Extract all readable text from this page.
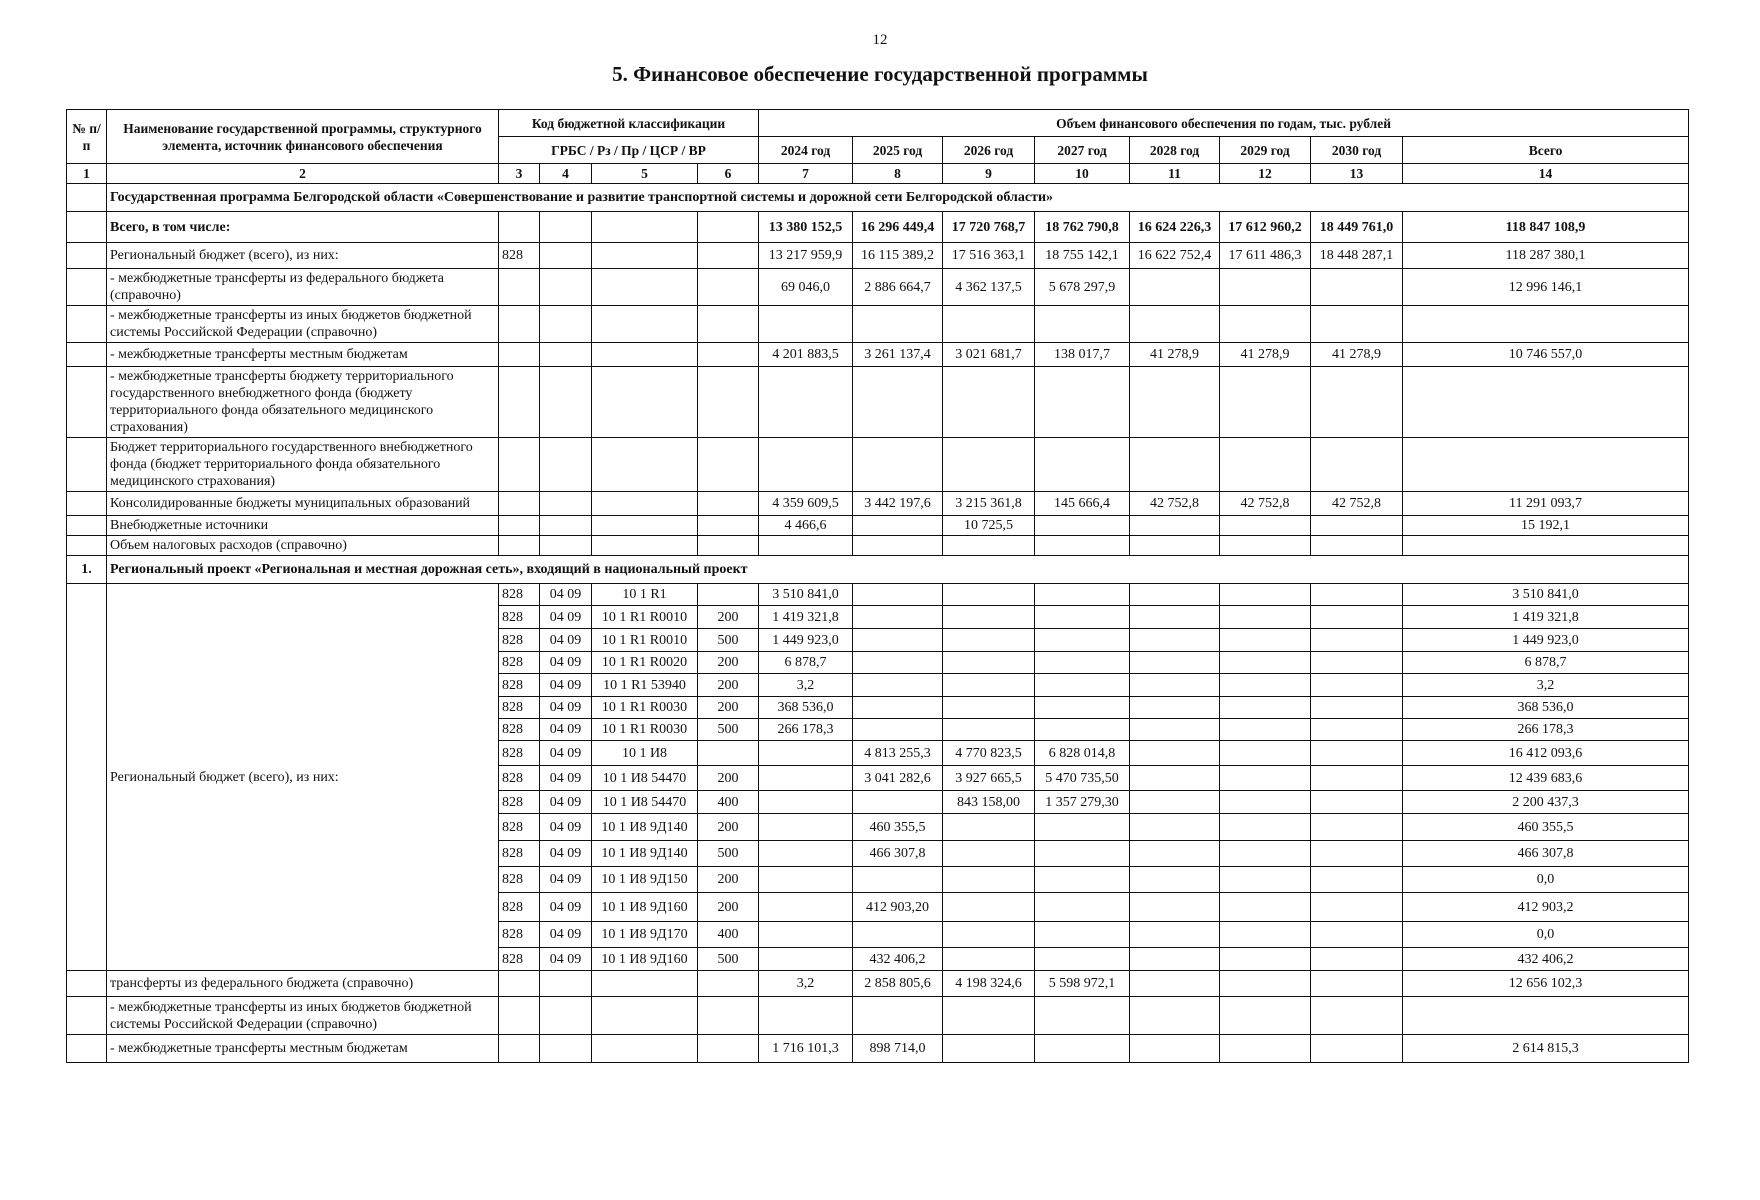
12
5. Финансовое обеспечение государственной программы
№ п/п	Наименование государственной программы, структурного элемента, источник финансового обеспечения	Код бюджетной классификации				Объем финансового обеспечения по годам, тыс. рублей							
		ГРБС / Рз / Пр / ЦСР / ВР				2024 год	2025 год	2026 год	2027 год	2028 год	2029 год	2030 год	Всего
1	2	3	4	5	6	7	8	9	10	11	12	13	14
	Государственная программа Белгородской области «Совершенствование и развитие транспортной системы и дорожной сети Белгородской области»												
	Всего, в том числе:					13 380 152,5	16 296 449,4	17 720 768,7	18 762 790,8	16 624 226,3	17 612 960,2	18 449 761,0	118 847 108,9
	Региональный бюджет (всего), из них:	828				13 217 959,9	16 115 389,2	17 516 363,1	18 755 142,1	16 622 752,4	17 611 486,3	18 448 287,1	118 287 380,1
	- межбюджетные трансферты из федерального бюджета (справочно)					69 046,0	2 886 664,7	4 362 137,5	5 678 297,9				12 996 146,1
	- межбюджетные трансферты из иных бюджетов бюджетной системы Российской Федерации (справочно)												
	- межбюджетные трансферты местным бюджетам					4 201 883,5	3 261 137,4	3 021 681,7	138 017,7	41 278,9	41 278,9	41 278,9	10 746 557,0
	- межбюджетные трансферты бюджету территориального государственного внебюджетного фонда (бюджету территориального фонда обязательного медицинского страхования)												
	Бюджет территориального государственного внебюджетного фонда (бюджет территориального фонда обязательного медицинского страхования)												
	Консолидированные бюджеты муниципальных образований					4 359 609,5	3 442 197,6	3 215 361,8	145 666,4	42 752,8	42 752,8	42 752,8	11 291 093,7
	Внебюджетные источники					4 466,6		10 725,5					15 192,1
	Объем налоговых расходов (справочно)												
1.	Региональный проект «Региональная и местная дорожная сеть», входящий в национальный проект												
	Региональный бюджет (всего), из них:	828	04 09	10 1 R1		3 510 841,0							3 510 841,0
		828	04 09	10 1 R1 R0010	200	1 419 321,8							1 419 321,8
		828	04 09	10 1 R1 R0010	500	1 449 923,0							1 449 923,0
		828	04 09	10 1 R1 R0020	200	6 878,7							6 878,7
		828	04 09	10 1 R1 53940	200	3,2							3,2
		828	04 09	10 1 R1 R0030	200	368 536,0							368 536,0
		828	04 09	10 1 R1 R0030	500	266 178,3							266 178,3
		828	04 09	10 1 И8			4 813 255,3	4 770 823,5	6 828 014,8				16 412 093,6
		828	04 09	10 1 И8 54470	200		3 041 282,6	3 927 665,5	5 470 735,50				12 439 683,6
		828	04 09	10 1 И8 54470	400			843 158,00	1 357 279,30				2 200 437,3
		828	04 09	10 1 И8 9Д140	200		460 355,5						460 355,5
		828	04 09	10 1 И8 9Д140	500		466 307,8						466 307,8
		828	04 09	10 1 И8 9Д150	200								0,0
		828	04 09	10 1 И8 9Д160	200		412 903,20						412 903,2
		828	04 09	10 1 И8 9Д170	400								0,0
		828	04 09	10 1 И8 9Д160	500		432 406,2						432 406,2
	трансферты из федерального бюджета (справочно)					3,2	2 858 805,6	4 198 324,6	5 598 972,1				12 656 102,3
	- межбюджетные трансферты из иных бюджетов бюджетной системы Российской Федерации (справочно)												
	- межбюджетные трансферты местным бюджетам					1 716 101,3	898 714,0						2 614 815,3
